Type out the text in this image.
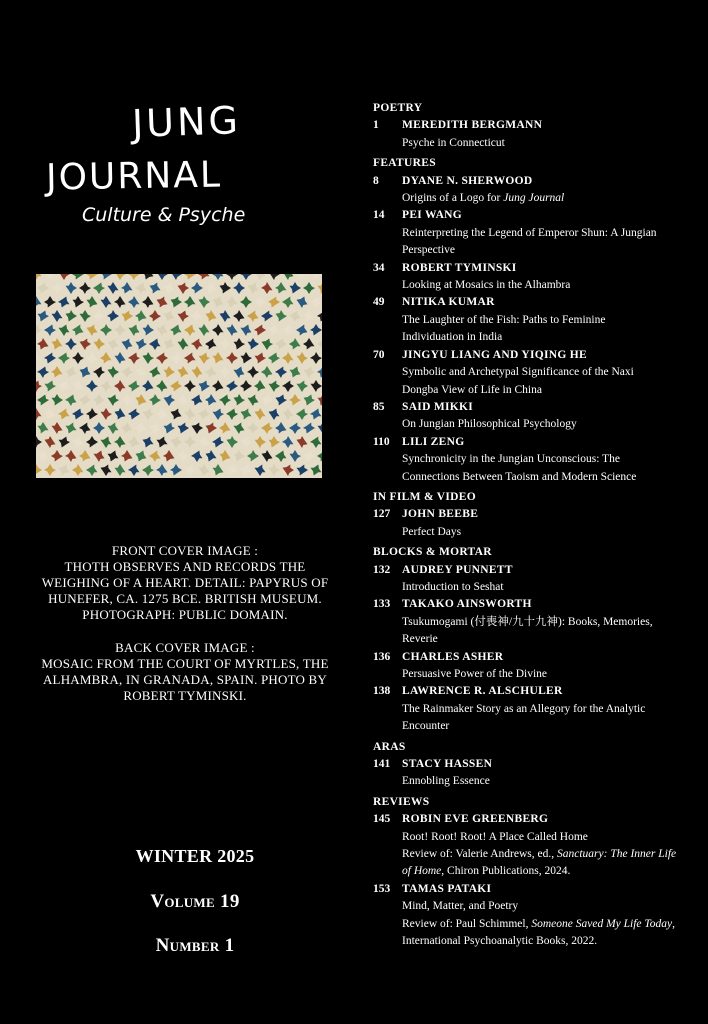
JUNG
JOURNAL
Culture & Psyche
FRONT COVER IMAGE :
THOTH OBSERVES AND RECORDS THE WEIGHING OF A HEART. DETAIL: PAPYRUS OF HUNEFER, CA. 1275 BCE. BRITISH MUSEUM. PHOTOGRAPH: PUBLIC DOMAIN.
BACK COVER IMAGE :
MOSAIC FROM THE COURT OF MYRTLES, THE ALHAMBRA, IN GRANADA, SPAIN. PHOTO BY ROBERT TYMINSKI.
WINTER 2025
Volume 19
Number 1
POETRY
1	MEREDITH BERGMANN
Psyche in Connecticut
FEATURES
8	DYANE N. SHERWOOD
Origins of a Logo for Jung Journal
14	PEI WANG
Reinterpreting the Legend of Emperor Shun: A Jungian Perspective
34	ROBERT TYMINSKI
Looking at Mosaics in the Alhambra
49	NITIKA KUMAR
The Laughter of the Fish: Paths to Feminine Individuation in India
70	JINGYU LIANG AND YIQING HE
Symbolic and Archetypal Significance of the Naxi Dongba View of Life in China
85	SAID MIKKI
On Jungian Philosophical Psychology
110	LILI ZENG
Synchronicity in the Jungian Unconscious: The Connections Between Taoism and Modern Science
IN FILM & VIDEO
127	JOHN BEEBE
Perfect Days
BLOCKS & MORTAR
132	AUDREY PUNNETT
Introduction to Seshat
133	TAKAKO AINSWORTH
Tsukumogami (付喪神/九十九神): Books, Memories, Reverie
136	CHARLES ASHER
Persuasive Power of the Divine
138	LAWRENCE R. ALSCHULER
The Rainmaker Story as an Allegory for the Analytic Encounter
ARAS
141	STACY HASSEN
Ennobling Essence
REVIEWS
145	ROBIN EVE GREENBERG
Root! Root! Root! A Place Called Home
Review of: Valerie Andrews, ed., Sanctuary: The Inner Life of Home, Chiron Publications, 2024.
153	TAMAS PATAKI
Mind, Matter, and Poetry
Review of: Paul Schimmel, Someone Saved My Life Today, International Psychoanalytic Books, 2022.
